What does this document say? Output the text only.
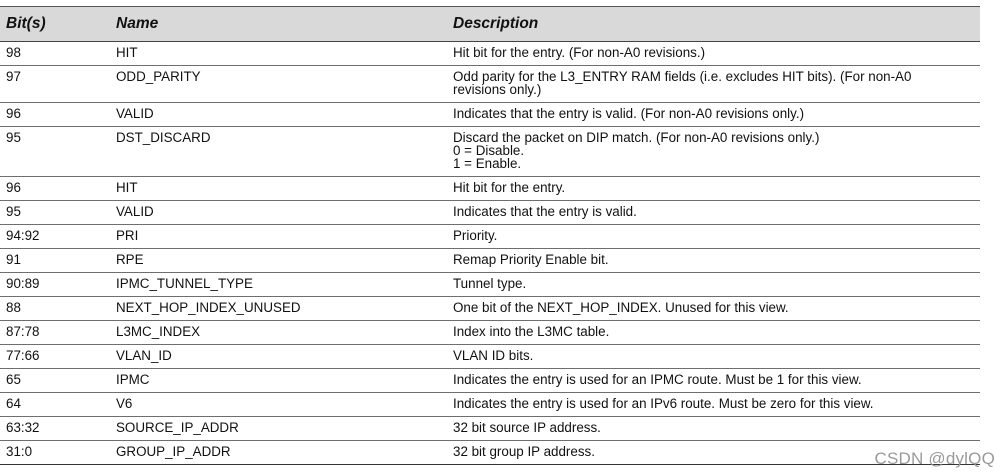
Bit(s)	Name	Description
98	HIT	Hit bit for the entry. (For non-A0 revisions.)

97	ODD_PARITY	Odd parity for the L3_ENTRY RAM fields (i.e. excludes HIT bits). (For non-A0
revisions only.)

96	VALID	Indicates that the entry is valid. (For non-A0 revisions only.)

95	DST_DISCARD	Discard the packet on DIP match. (For non-A0 revisions only.)
0 = Disable.
1 = Enable.

96	HIT	Hit bit for the entry.

95	VALID	Indicates that the entry is valid.

94:92	PRI	Priority.

91	RPE	Remap Priority Enable bit.

90:89	IPMC_TUNNEL_TYPE	Tunnel type.

88	NEXT_HOP_INDEX_UNUSED	One bit of the NEXT_HOP_INDEX. Unused for this view.

87:78	L3MC_INDEX	Index into the L3MC table.

77:66	VLAN_ID	VLAN ID bits.

65	IPMC	Indicates the entry is used for an IPMC route. Must be 1 for this view.

64	V6	Indicates the entry is used for an IPv6 route. Must be zero for this view.

63:32	SOURCE_IP_ADDR	32 bit source IP address.

31:0	GROUP_IP_ADDR	32 bit group IP address.	CSDN @dylQQ
